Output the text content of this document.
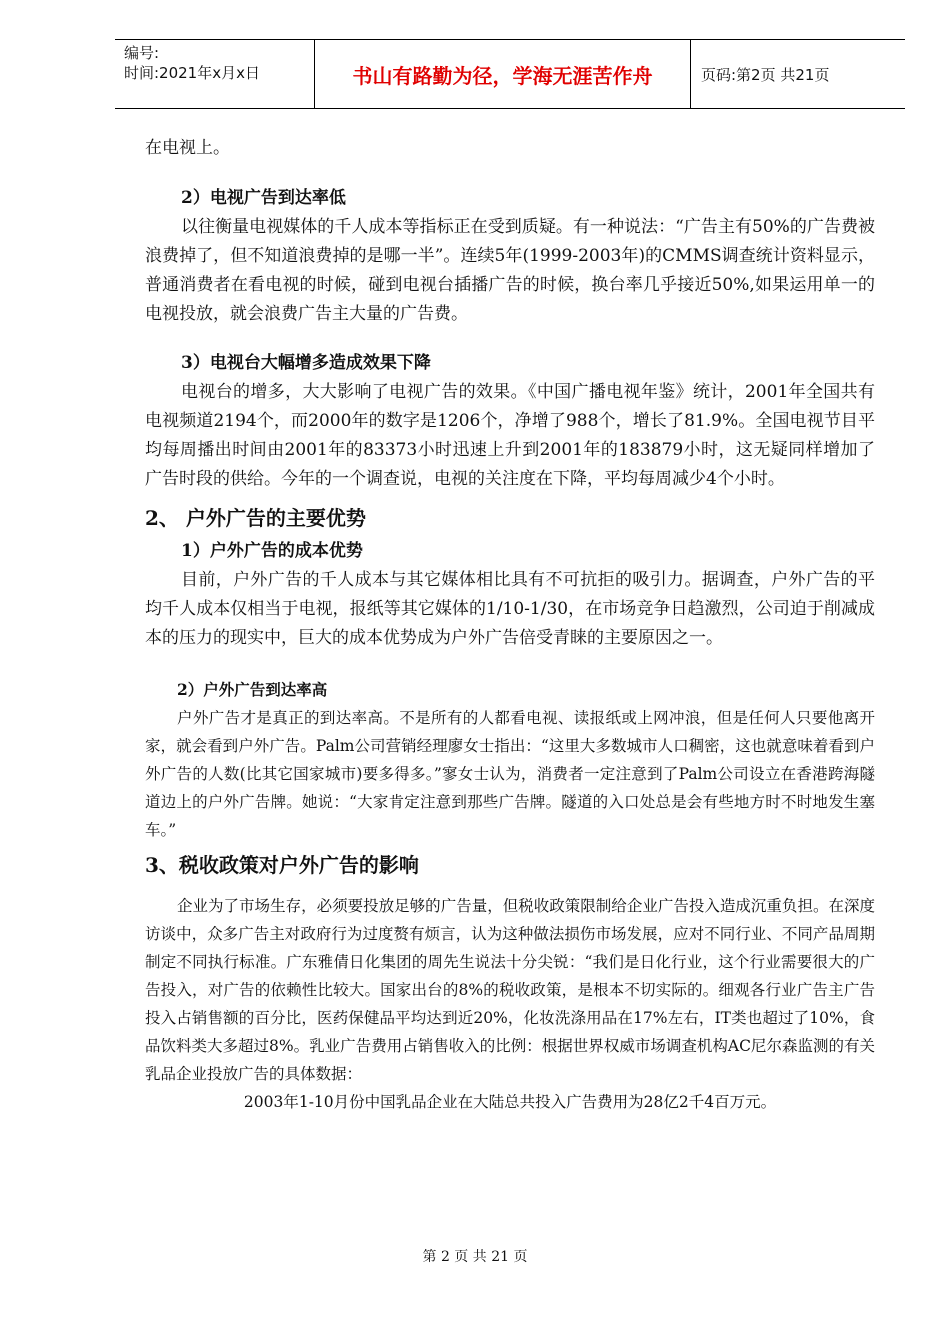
编号:
时间:2021年x月x日	书山有路勤为径，学海无涯苦作舟	页码:第2页 共21页

在电视上。

2）电视广告到达率低

以往衡量电视媒体的千人成本等指标正在受到质疑。有一种说法：“广告主有50%的广告费被浪费掉了，但不知道浪费掉的是哪一半”。连续5年(1999-2003年)的CMMS调查统计资料显示，普通消费者在看电视的时候，碰到电视台插播广告的时候，换台率几乎接近50%,如果运用单一的电视投放，就会浪费广告主大量的广告费。

3）电视台大幅增多造成效果下降

电视台的增多，大大影响了电视广告的效果。《中国广播电视年鉴》统计，2001年全国共有电视频道2194个，而2000年的数字是1206个，净增了988个，增长了81.9%。全国电视节目平均每周播出时间由2001年的83373小时迅速上升到2001年的183879小时，这无疑同样增加了广告时段的供给。今年的一个调查说，电视的关注度在下降，平均每周减少4个小时。

2、 户外广告的主要优势

1）户外广告的成本优势

目前，户外广告的千人成本与其它媒体相比具有不可抗拒的吸引力。据调查，户外广告的平均千人成本仅相当于电视，报纸等其它媒体的1/10-1/30，在市场竞争日趋激烈，公司迫于削减成本的压力的现实中，巨大的成本优势成为户外广告倍受青睐的主要原因之一。

2）户外广告到达率高

户外广告才是真正的到达率高。不是所有的人都看电视、读报纸或上网冲浪，但是任何人只要他离开家，就会看到户外广告。Palm公司营销经理廖女士指出：“这里大多数城市人口稠密，这也就意味着看到户外广告的人数(比其它国家城市)要多得多。”寥女士认为，消费者一定注意到了Palm公司设立在香港跨海隧道边上的户外广告牌。她说：“大家肯定注意到那些广告牌。隧道的入口处总是会有些地方时不时地发生塞车。”

3、税收政策对户外广告的影响

企业为了市场生存，必须要投放足够的广告量，但税收政策限制给企业广告投入造成沉重负担。在深度访谈中，众多广告主对政府行为过度赘有烦言，认为这种做法损伤市场发展，应对不同行业、不同产品周期制定不同执行标准。广东雅倩日化集团的周先生说法十分尖锐：“我们是日化行业，这个行业需要很大的广告投入，对广告的依赖性比较大。国家出台的8%的税收政策，是根本不切实际的。细观各行业广告主广告投入占销售额的百分比，医药保健品平均达到近20%，化妆洗涤用品在17%左右，IT类也超过了10%，食品饮料类大多超过8%。乳业广告费用占销售收入的比例：根据世界权威市场调查机构AC尼尔森监测的有关乳品企业投放广告的具体数据：

2003年1-10月份中国乳品企业在大陆总共投入广告费用为28亿2千4百万元。

第 2 页 共 21 页
